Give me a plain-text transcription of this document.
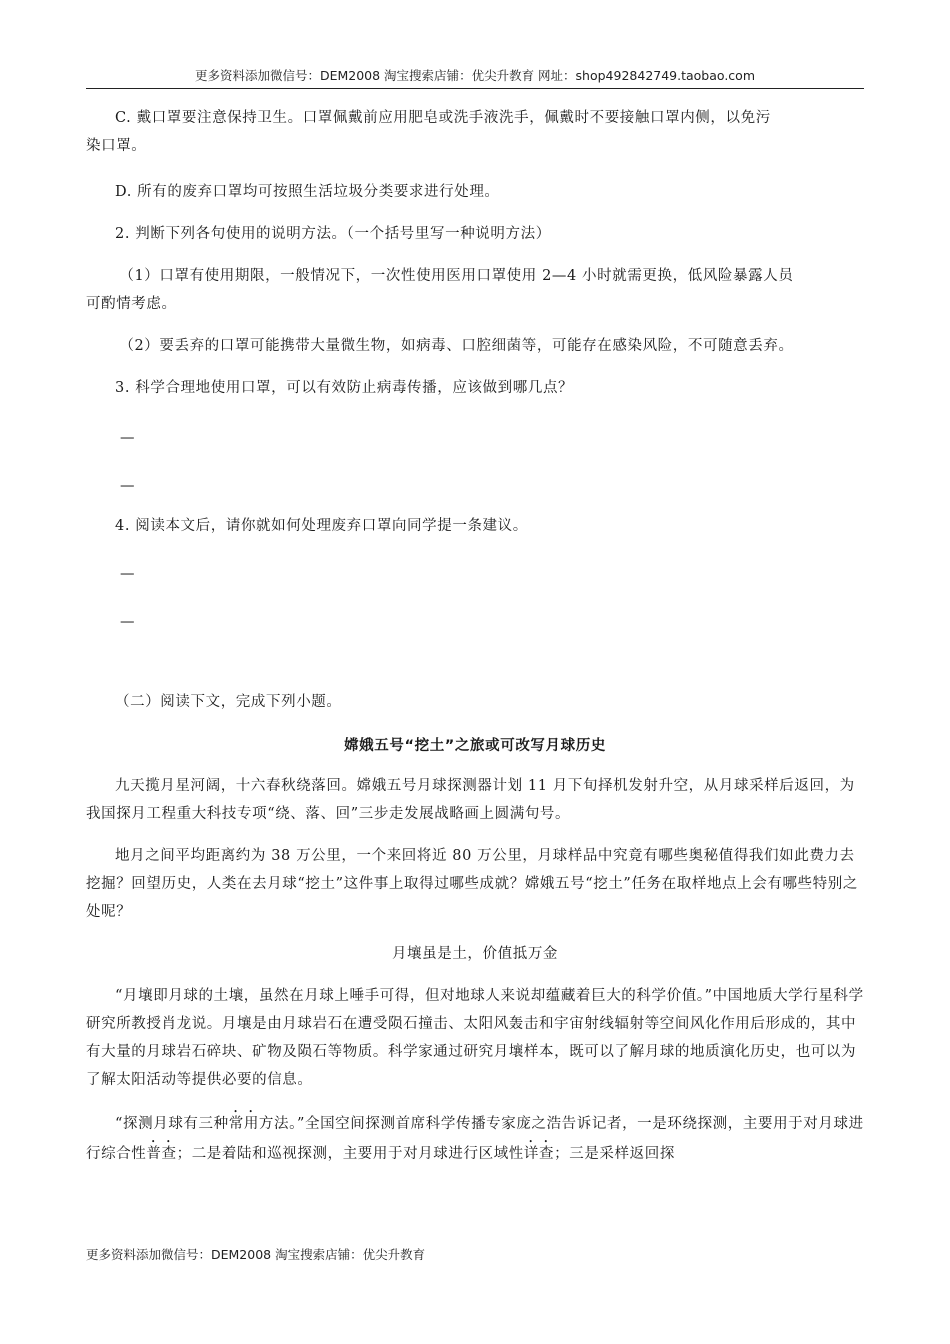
更多资料添加微信号：DEM2008 淘宝搜索店铺：优尖升教育 网址：shop492842749.taobao.com

C. 戴口罩要注意保持卫生。口罩佩戴前应用肥皂或洗手液洗手，佩戴时不要接触口罩内侧，以免污

染口罩。

D. 所有的废弃口罩均可按照生活垃圾分类要求进行处理。

2. 判断下列各句使用的说明方法。（一个括号里写一种说明方法）

（1）口罩有使用期限，一般情况下，一次性使用医用口罩使用 2—4 小时就需更换，低风险暴露人员

可酌情考虑。

（2）要丢弃的口罩可能携带大量微生物，如病毒、口腔细菌等，可能存在感染风险，不可随意丢弃。

3. 科学合理地使用口罩，可以有效防止病毒传播，应该做到哪几点？

—

—

4. 阅读本文后，请你就如何处理废弃口罩向同学提一条建议。

—

—

（二）阅读下文，完成下列小题。

嫦娥五号“挖土”之旅或可改写月球历史

九天揽月星河阔，十六春秋绕落回。嫦娥五号月球探测器计划 11 月下旬择机发射升空，从月球采样后返回，为我国探月工程重大科技专项“绕、落、回”三步走发展战略画上圆满句号。

地月之间平均距离约为 38 万公里，一个来回将近 80 万公里，月球样品中究竟有哪些奥秘值得我们如此费力去挖掘？回望历史，人类在去月球“挖土”这件事上取得过哪些成就？嫦娥五号“挖土”任务在取样地点上会有哪些特别之处呢？

月壤虽是土，价值抵万金

“月壤即月球的土壤，虽然在月球上唾手可得，但对地球人来说却蕴藏着巨大的科学价值。”中国地质大学行星科学研究所教授肖龙说。月壤是由月球岩石在遭受陨石撞击、太阳风轰击和宇宙射线辐射等空间风化作用后形成的，其中有大量的月球岩石碎块、矿物及陨石等物质。科学家通过研究月壤样本，既可以了解月球的地质演化历史，也可以为了解太阳活动等提供必要的信息。

“探测月球有三种常用方法。”全国空间探测首席科学传播专家庞之浩告诉记者，一是环绕探测，主要用于对月球进行综合性普查；二是着陆和巡视探测，主要用于对月球进行区域性详查；三是采样返回探

更多资料添加微信号：DEM2008 淘宝搜索店铺：优尖升教育
